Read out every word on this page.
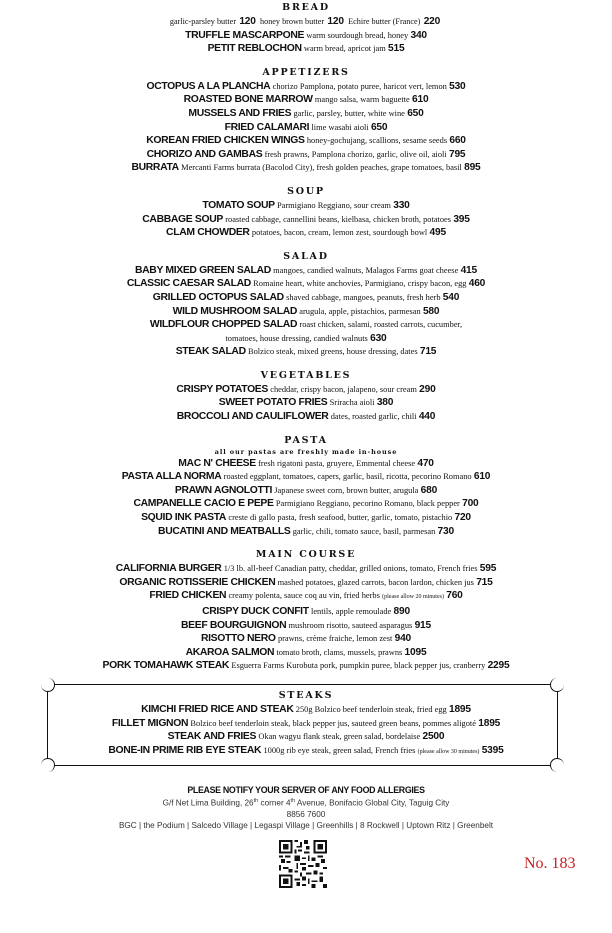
BREAD
garlic-parsley butter 120 honey brown butter 120 Echire butter (France) 220
TRUFFLE MASCARPONE warm sourdough bread, honey 340
PETIT REBLOCHON warm bread, apricot jam 515
APPETIZERS
OCTOPUS A LA PLANCHA chorizo Pamplona, potato puree, haricot vert, lemon 530
ROASTED BONE MARROW mango salsa, warm baguette 610
MUSSELS AND FRIES garlic, parsley, butter, white wine 650
FRIED CALAMARI lime wasabi aioli 650
KOREAN FRIED CHICKEN WINGS honey-gochujang, scallions, sesame seeds 660
CHORIZO AND GAMBAS fresh prawns, Pamplona chorizo, garlic, olive oil, aioli 795
BURRATA Mercanti Farms burrata (Bacolod City), fresh golden peaches, grape tomatoes, basil 895
SOUP
TOMATO SOUP Parmigiano Reggiano, sour cream 330
CABBAGE SOUP roasted cabbage, cannellini beans, kielbasa, chicken broth, potatoes 395
CLAM CHOWDER potatoes, bacon, cream, lemon zest, sourdough bowl 495
SALAD
BABY MIXED GREEN SALAD mangoes, candied walnuts, Malagos Farms goat cheese 415
CLASSIC CAESAR SALAD Romaine heart, white anchovies, Parmigiano, crispy bacon, egg 460
GRILLED OCTOPUS SALAD shaved cabbage, mangoes, peanuts, fresh herb 540
WILD MUSHROOM SALAD arugula, apple, pistachios, parmesan 580
WILDFLOUR CHOPPED SALAD roast chicken, salami, roasted carrots, cucumber,
tomatoes, house dressing, candied walnuts 630
STEAK SALAD Bolzico steak, mixed greens, house dressing, dates 715
VEGETABLES
CRISPY POTATOES cheddar, crispy bacon, jalapeno, sour cream 290
SWEET POTATO FRIES Sriracha aioli 380
BROCCOLI AND CAULIFLOWER dates, roasted garlic, chili 440
PASTA
all our pastas are freshly made in-house
MAC N' CHEESE fresh rigatoni pasta, gruyere, Emmental cheese 470
PASTA ALLA NORMA roasted eggplant, tomatoes, capers, garlic, basil, ricotta, pecorino Romano 610
PRAWN AGNOLOTTI Japanese sweet corn, brown butter, arugula 680
CAMPANELLE CACIO E PEPE Parmigiano Reggiano, pecorino Romano, black pepper 700
SQUID INK PASTA creste di gallo pasta, fresh seafood, butter, garlic, tomato, pistachio 720
BUCATINI AND MEATBALLS garlic, chili, tomato sauce, basil, parmesan 730
MAIN COURSE
CALIFORNIA BURGER 1/3 lb. all-beef Canadian patty, cheddar, grilled onions, tomato, French fries 595
ORGANIC ROTISSERIE CHICKEN mashed potatoes, glazed carrots, bacon lardon, chicken jus 715
FRIED CHICKEN creamy polenta, sauce coq au vin, fried herbs (please allow 20 minutes) 760
CRISPY DUCK CONFIT lentils, apple remoulade 890
BEEF BOURGUIGNON mushroom risotto, sauteed asparagus 915
RISOTTO NERO prawns, crème fraiche, lemon zest 940
AKAROA SALMON tomato broth, clams, mussels, prawns 1095
PORK TOMAHAWK STEAK Esguerra Farms Kurobuta pork, pumpkin puree, black pepper jus, cranberry 2295
STEAKS
KIMCHI FRIED RICE AND STEAK 250g Bolzico beef tenderloin steak, fried egg 1895
FILLET MIGNON Bolzico beef tenderloin steak, black pepper jus, sauteed green beans, pommes aligoté 1895
STEAK AND FRIES Okan wagyu flank steak, green salad, bordelaise 2500
BONE-IN PRIME RIB EYE STEAK 1000g rib eye steak, green salad, French fries (please allow 30 minutes) 5395
PLEASE NOTIFY YOUR SERVER OF ANY FOOD ALLERGIES
G/f Net Lima Building, 26th corner 4th Avenue, Bonifacio Global City, Taguig City
8856 7600
BGC | the Podium | Salcedo Village | Legaspi Village | Greenhills | 8 Rockwell | Uptown Ritz | Greenbelt
No. 183
